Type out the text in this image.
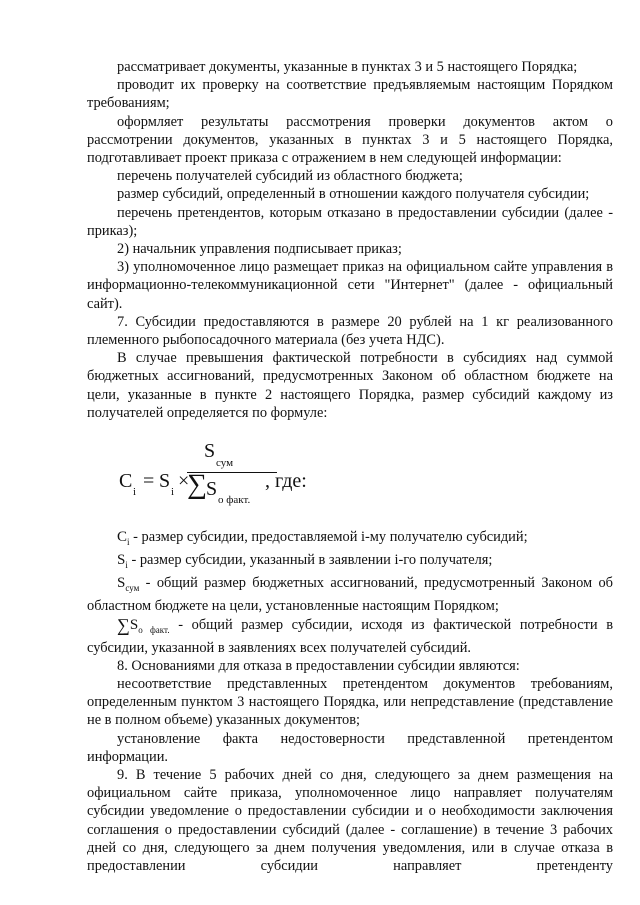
рассматривает документы, указанные в пунктах 3 и 5 настоящего Порядка;

проводит их проверку на соответствие предъявляемым настоящим Порядком требованиям;

оформляет результаты рассмотрения проверки документов актом о рассмотрении документов, указанных в пунктах 3 и 5 настоящего Порядка, подготавливает проект приказа с отражением в нем следующей информации:

перечень получателей субсидий из областного бюджета;

размер субсидий, определенный в отношении каждого получателя субсидии;

перечень претендентов, которым отказано в предоставлении субсидии (далее - приказ);

2) начальник управления подписывает приказ;

3) уполномоченное лицо размещает приказ на официальном сайте управления в информационно-телекоммуникационной сети "Интернет" (далее - официальный сайт).

7. Субсидии предоставляются в размере 20 рублей на 1 кг реализованного племенного рыбопосадочного материала (без учета НДС).

В случае превышения фактической потребности в субсидиях над суммой бюджетных ассигнований, предусмотренных Законом об областном бюджете на цели, указанные в пункте 2 настоящего Порядка, размер субсидий каждому из получателей определяется по формуле:

C i = S i ×
S
сум
∑ S о факт.
, где:

$C_i$ - размер субсидии, предоставляемой i-му получателю субсидий;

$S_i$ - размер субсидии, указанный в заявлении i-го получателя;

$S_{сум}$ - общий размер бюджетных ассигнований, предусмотренный Законом об областном бюджете на цели, установленные настоящим Порядком;

$\sum S_{о факт.}$ - общий размер субсидии, исходя из фактической потребности в субсидии, указанной в заявлениях всех получателей субсидий.

8. Основаниями для отказа в предоставлении субсидии являются:

несоответствие представленных претендентом документов требованиям, определенным пунктом 3 настоящего Порядка, или непредставление (представление не в полном объеме) указанных документов;

установление факта недостоверности представленной претендентом информации.

9. В течение 5 рабочих дней со дня, следующего за днем размещения на официальном сайте приказа, уполномоченное лицо направляет получателям субсидии уведомление о предоставлении субсидии и о необходимости заключения соглашения о предоставлении субсидий (далее - соглашение) в течение 3 рабочих дней со дня, следующего за днем получения уведомления, или в случае отказа в предоставлении субсидии направляет претенденту
